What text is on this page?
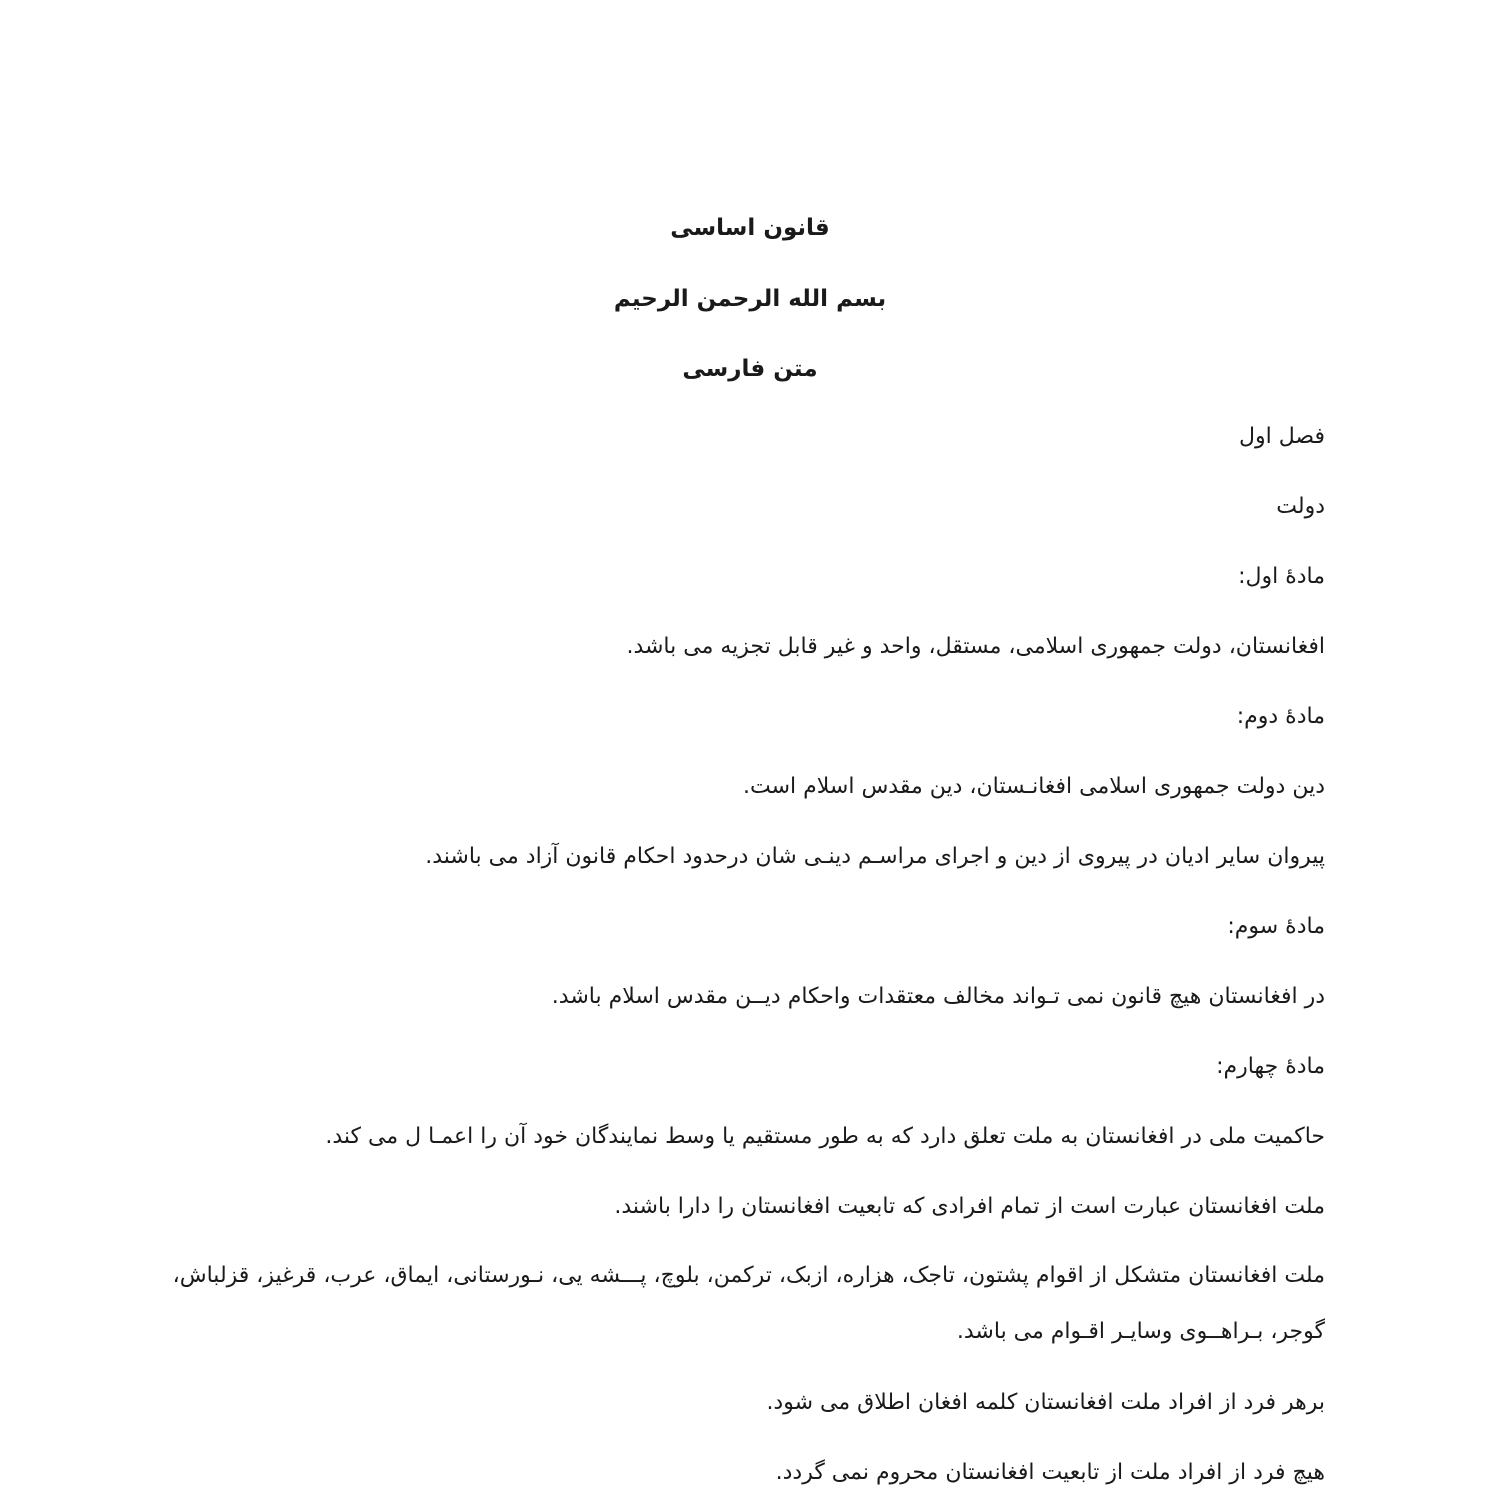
قانون اساسی
بسم الله الرحمن الرحیم
متن فارسی

فصل اول

دولت

مادۀ اول:

افغانستان، دولت جمهوری اسلامی، مستقل، واحد و غیر قابل تجزیه می باشد.

مادۀ دوم:

دین دولت جمهوری اسلامی افغانـستان، دین مقدس اسلام است.

پیروان سایر ادیان در پیروی از دین و اجرای مراسـم دینـی شان درحدود احکام قانون آزاد می باشند.

مادۀ سوم:

در افغانستان هیچ قانون نمی تـواند مخالف معتقدات واحکام دیــن مقدس اسلام باشد.

مادۀ چهارم:

حاکمیت ملی در افغانستان به ملت تعلق دارد که به طور مستقیم یا وسط نمایندگان خود آن را اعمـا ل می کند.

ملت افغانستان عبارت است از تمام افرادی که تابعیت افغانستان را دارا باشند.

ملت افغانستان متشکل از اقوام پشتون، تاجک، هزاره، ازبک، ترکمن، بلوچ، پـــشه یی، نـورستانی، ایماق، عرب، قرغیز، قزلباش، گوجر، بـراهــوی وسایـر اقـوام می باشد.

برهر فرد از افراد ملت افغانستان کلمه افغان اطلاق می شود.

هیچ فرد از افراد ملت از تابعیت افغانستان محروم نمی گردد.
